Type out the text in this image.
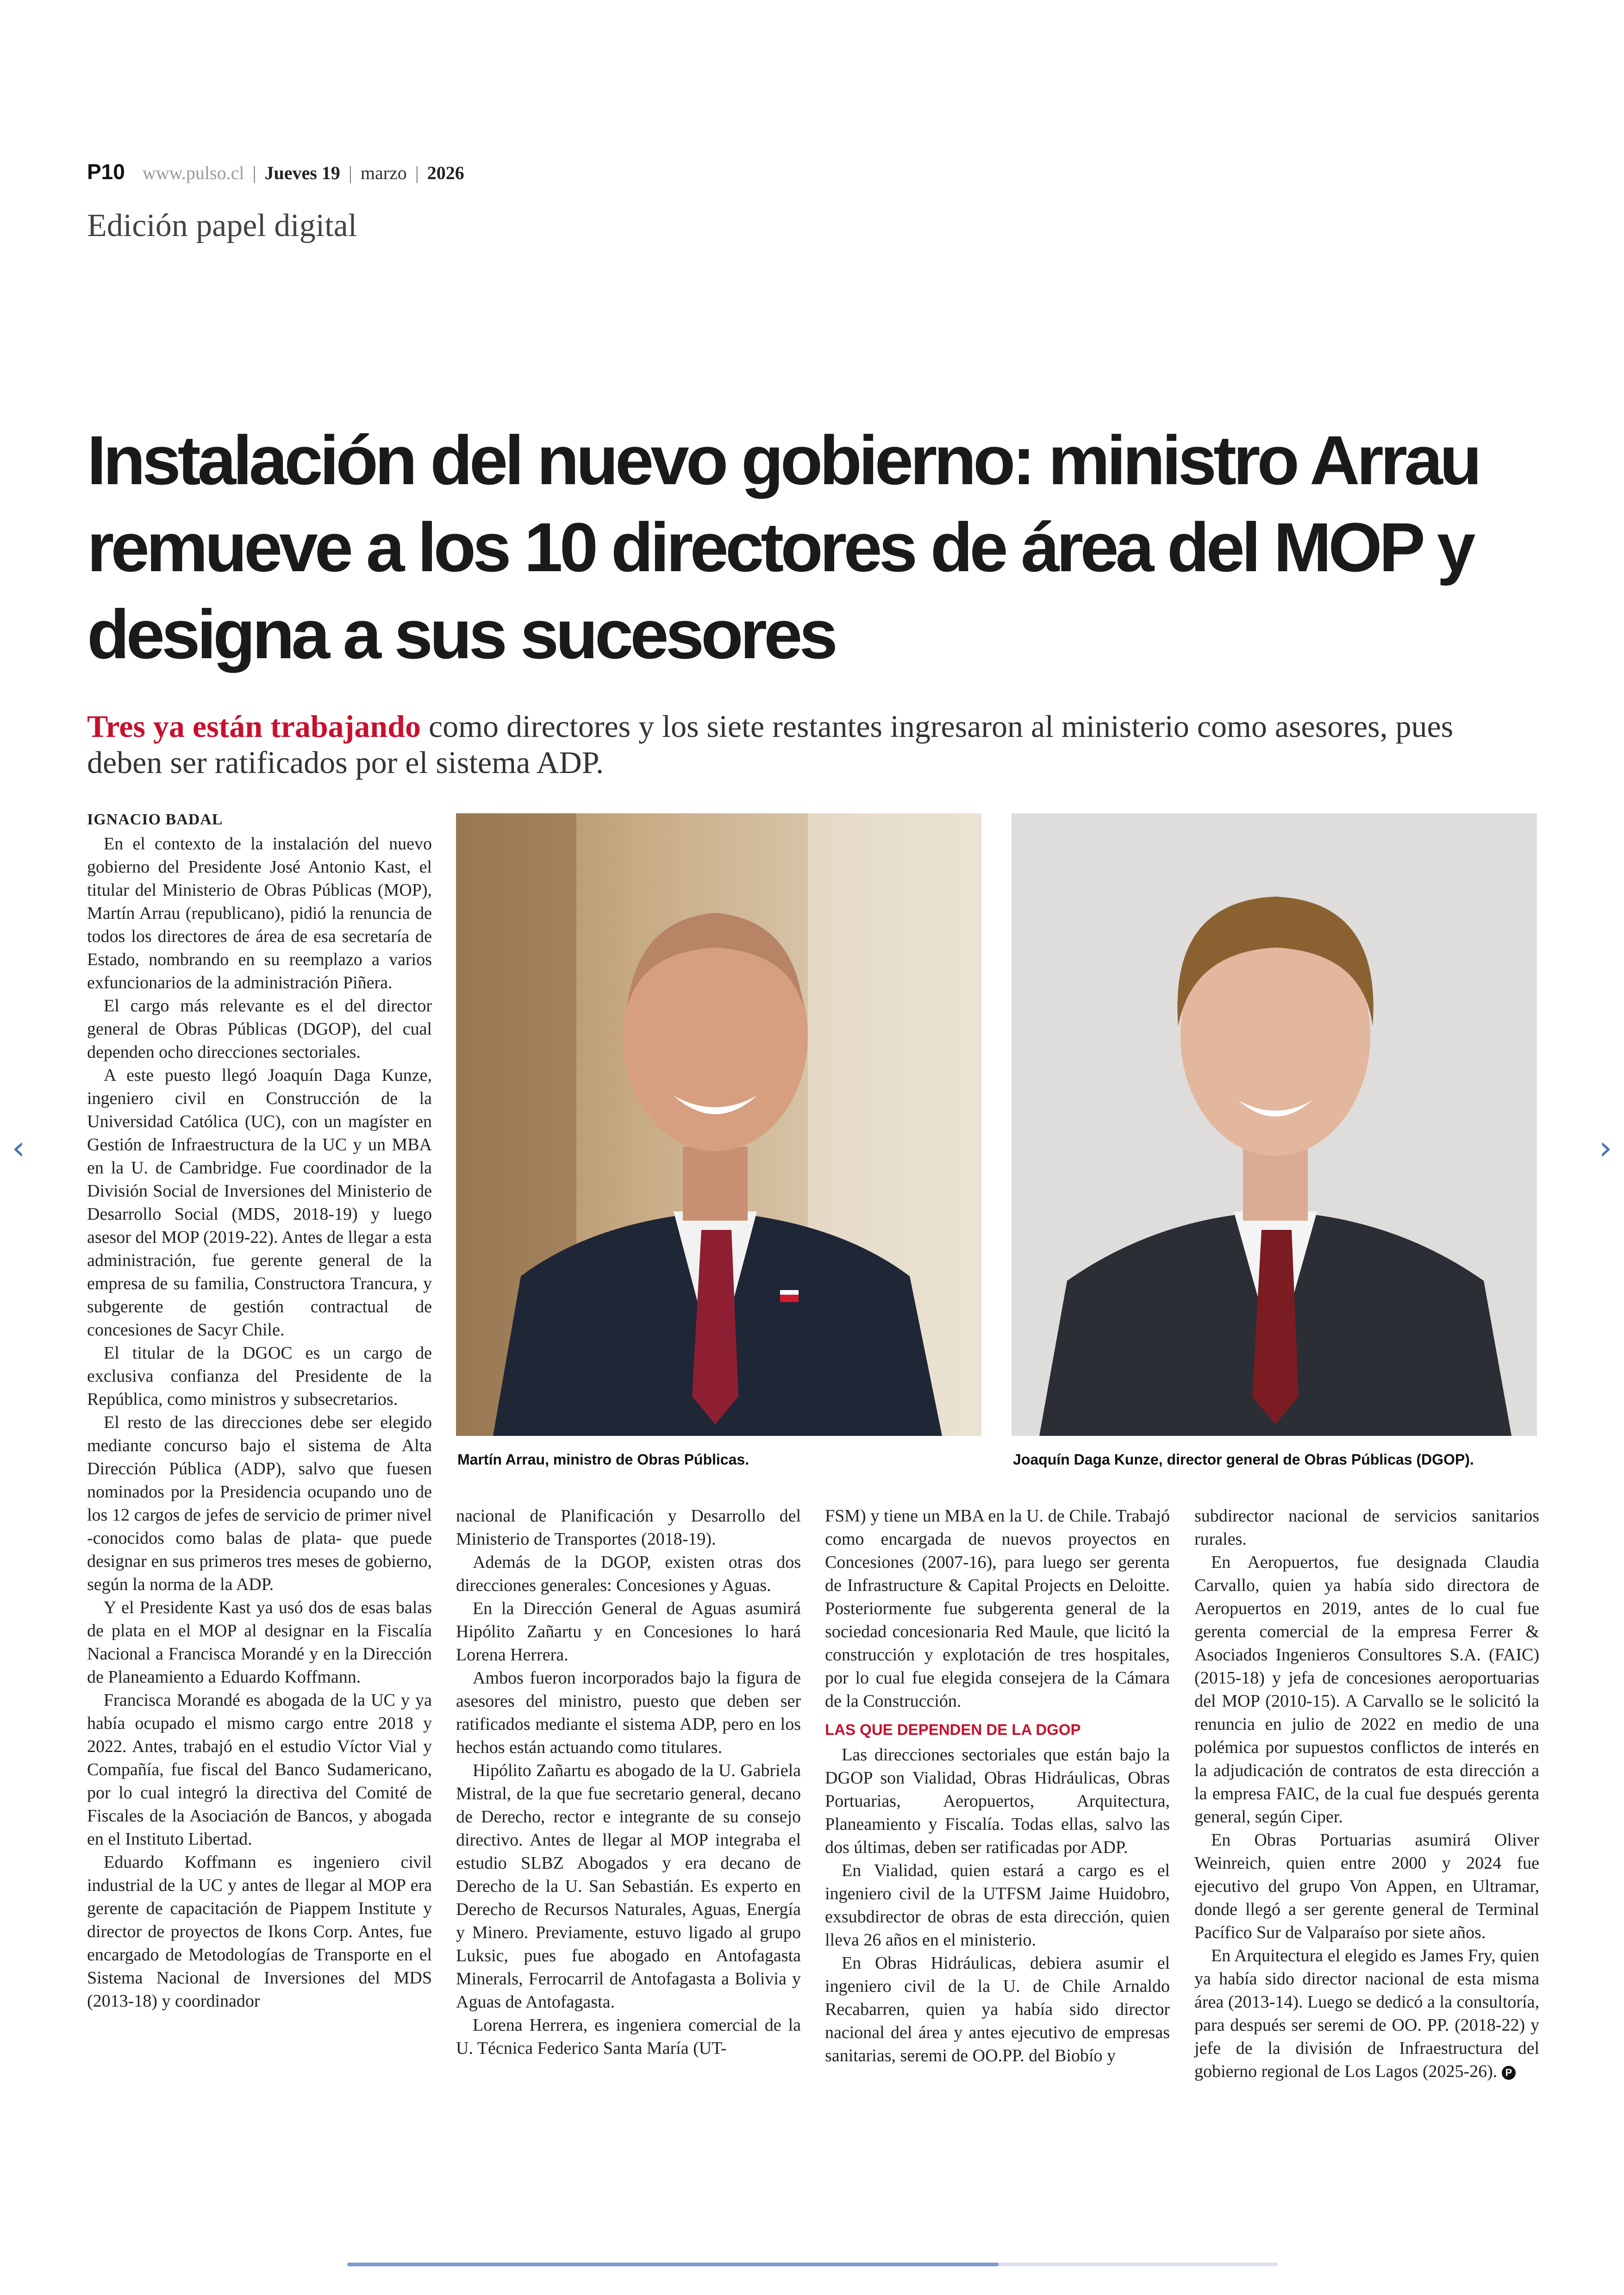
P10 www.pulso.cl | Jueves 19 | marzo | 2026
Edición papel digital
Instalación del nuevo gobierno: ministro Arrau remueve a los 10 directores de área del MOP y designa a sus sucesores

Tres ya están trabajando como directores y los siete restantes ingresaron al ministerio como asesores, pues deben ser ratificados por el sistema ADP.

IGNACIO BADAL
Martín Arrau, ministro de Obras Públicas.	Joaquín Daga Kunze, director general de Obras Públicas (DGOP).

En el contexto de la instalación del nuevo gobierno del Presidente José Antonio Kast, el titular del Ministerio de Obras Públicas (MOP), Martín Arrau (republicano), pidió la renuncia de todos los directores de área de esa secretaría de Estado, nombrando en su reemplazo a varios exfuncionarios de la administración Piñera.

El cargo más relevante es el del director general de Obras Públicas (DGOP), del cual dependen ocho direcciones sectoriales.

A este puesto llegó Joaquín Daga Kunze, ingeniero civil en Construcción de la Universidad Católica (UC), con un magíster en Gestión de Infraestructura de la UC y un MBA en la U. de Cambridge. Fue coordinador de la División Social de Inversiones del Ministerio de Desarrollo Social (MDS, 2018-19) y luego asesor del MOP (2019-22). Antes de llegar a esta administración, fue gerente general de la empresa de su familia, Constructora Trancura, y subgerente de gestión contractual de concesiones de Sacyr Chile.

El titular de la DGOC es un cargo de exclusiva confianza del Presidente de la República, como ministros y subsecretarios.

El resto de las direcciones debe ser elegido mediante concurso bajo el sistema de Alta Dirección Pública (ADP), salvo que fuesen nominados por la Presidencia ocupando uno de los 12 cargos de jefes de servicio de primer nivel -conocidos como balas de plata- que puede designar en sus primeros tres meses de gobierno, según la norma de la ADP.

Y el Presidente Kast ya usó dos de esas balas de plata en el MOP al designar en la Fiscalía Nacional a Francisca Morandé y en la Dirección de Planeamiento a Eduardo Koffmann.

Francisca Morandé es abogada de la UC y ya había ocupado el mismo cargo entre 2018 y 2022. Antes, trabajó en el estudio Víctor Vial y Compañía, fue fiscal del Banco Sudamericano, por lo cual integró la directiva del Comité de Fiscales de la Asociación de Bancos, y abogada en el Instituto Libertad.

Eduardo Koffmann es ingeniero civil industrial de la UC y antes de llegar al MOP era gerente de capacitación de Piappem Institute y director de proyectos de Ikons Corp. Antes, fue encargado de Metodologías de Transporte en el Sistema Nacional de Inversiones del MDS (2013-18) y coordinador

nacional de Planificación y Desarrollo del Ministerio de Transportes (2018-19).

Además de la DGOP, existen otras dos direcciones generales: Concesiones y Aguas.

En la Dirección General de Aguas asumirá Hipólito Zañartu y en Concesiones lo hará Lorena Herrera.

Ambos fueron incorporados bajo la figura de asesores del ministro, puesto que deben ser ratificados mediante el sistema ADP, pero en los hechos están actuando como titulares.

Hipólito Zañartu es abogado de la U. Gabriela Mistral, de la que fue secretario general, decano de Derecho, rector e integrante de su consejo directivo. Antes de llegar al MOP integraba el estudio SLBZ Abogados y era decano de Derecho de la U. San Sebastián. Es experto en Derecho de Recursos Naturales, Aguas, Energía y Minero. Previamente, estuvo ligado al grupo Luksic, pues fue abogado en Antofagasta Minerals, Ferrocarril de Antofagasta a Bolivia y Aguas de Antofagasta.

Lorena Herrera, es ingeniera comercial de la U. Técnica Federico Santa María (UT-

FSM) y tiene un MBA en la U. de Chile. Trabajó como encargada de nuevos proyectos en Concesiones (2007-16), para luego ser gerenta de Infrastructure & Capital Projects en Deloitte. Posteriormente fue subgerenta general de la sociedad concesionaria Red Maule, que licitó la construcción y explotación de tres hospitales, por lo cual fue elegida consejera de la Cámara de la Construcción.

LAS QUE DEPENDEN DE LA DGOP

Las direcciones sectoriales que están bajo la DGOP son Vialidad, Obras Hidráulicas, Obras Portuarias, Aeropuertos, Arquitectura, Planeamiento y Fiscalía. Todas ellas, salvo las dos últimas, deben ser ratificadas por ADP.

En Vialidad, quien estará a cargo es el ingeniero civil de la UTFSM Jaime Huidobro, exsubdirector de obras de esta dirección, quien lleva 26 años en el ministerio.

En Obras Hidráulicas, debiera asumir el ingeniero civil de la U. de Chile Arnaldo Recabarren, quien ya había sido director nacional del área y antes ejecutivo de empresas sanitarias, seremi de OO.PP. del Biobío y

subdirector nacional de servicios sanitarios rurales.

En Aeropuertos, fue designada Claudia Carvallo, quien ya había sido directora de Aeropuertos en 2019, antes de lo cual fue gerenta comercial de la empresa Ferrer & Asociados Ingenieros Consultores S.A. (FAIC) (2015-18) y jefa de concesiones aeroportuarias del MOP (2010-15). A Carvallo se le solicitó la renuncia en julio de 2022 en medio de una polémica por supuestos conflictos de interés en la adjudicación de contratos de esta dirección a la empresa FAIC, de la cual fue después gerenta general, según Ciper.

En Obras Portuarias asumirá Oliver Weinreich, quien entre 2000 y 2024 fue ejecutivo del grupo Von Appen, en Ultramar, donde llegó a ser gerente general de Terminal Pacífico Sur de Valparaíso por siete años.

En Arquitectura el elegido es James Fry, quien ya había sido director nacional de esta misma área (2013-14). Luego se dedicó a la consultoría, para después ser seremi de OO. PP. (2018-22) y jefe de la división de Infraestructura del gobierno regional de Los Lagos (2025-26). P

‹	›
